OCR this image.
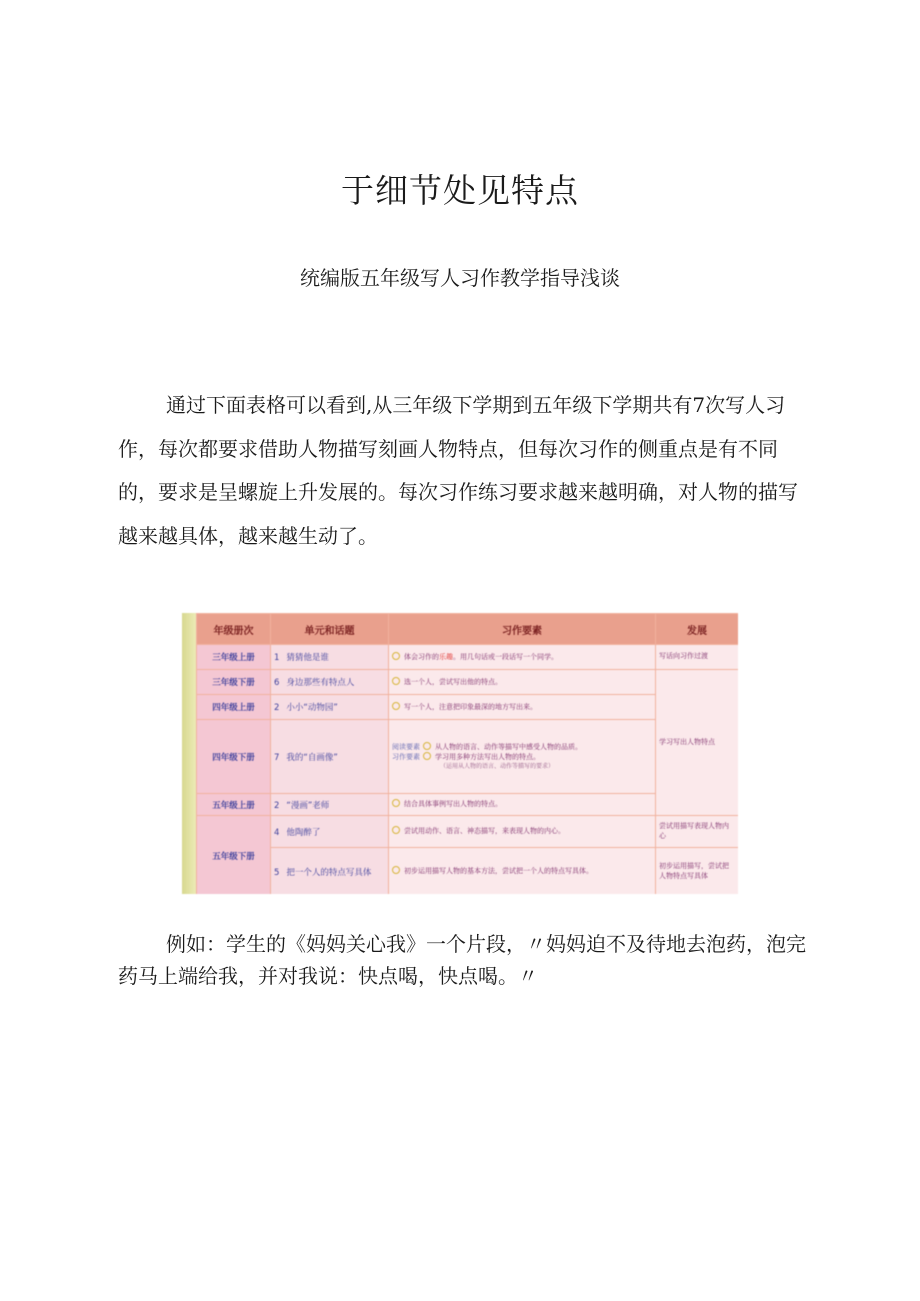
于细节处见特点

统编版五年级写人习作教学指导浅谈

通过下面表格可以看到,从三年级下学期到五年级下学期共有7次写人习作，每次都要求借助人物描写刻画人物特点，但每次习作的侧重点是有不同的，要求是呈螺旋上升发展的。每次习作练习要求越来越明确，对人物的描写越来越具体，越来越生动了。

年级册次	单元和话题	习作要素	发展
三年级上册	1 猜猜他是谁	体会习作的乐趣。用几句话或一段话写一个同学。	写话向习作过渡
三年级下册	6 身边那些有特点人	选一个人，尝试写出他的特点。	学习写出人物特点
四年级上册	2 小小“动物园”	写一个人，注意把印象最深的地方写出来。	
四年级下册	7 我的“自画像”	阅读要素 从人物的语言、动作等描写中感受人物的品质。
习作要素 学习用多种方法写出人物的特点。
（运用从人物的语言、动作等描写的要求）	

五年级上册	2 “漫画”老师	结合具体事例写出人物的特点。	
五年级下册	4 他陶醉了	尝试用动作、语言、神态描写，来表现人物的内心。	尝试用描写表现人物内心
	5 把一个人的特点写具体	初步运用描写人物的基本方法，尝试把一个人的特点写具体。	初步运用描写，尝试把人物特点写具体

例如：学生的《妈妈关心我》一个片段，〃妈妈迫不及待地去泡药，泡完药马上端给我，并对我说：快点喝，快点喝。〃
